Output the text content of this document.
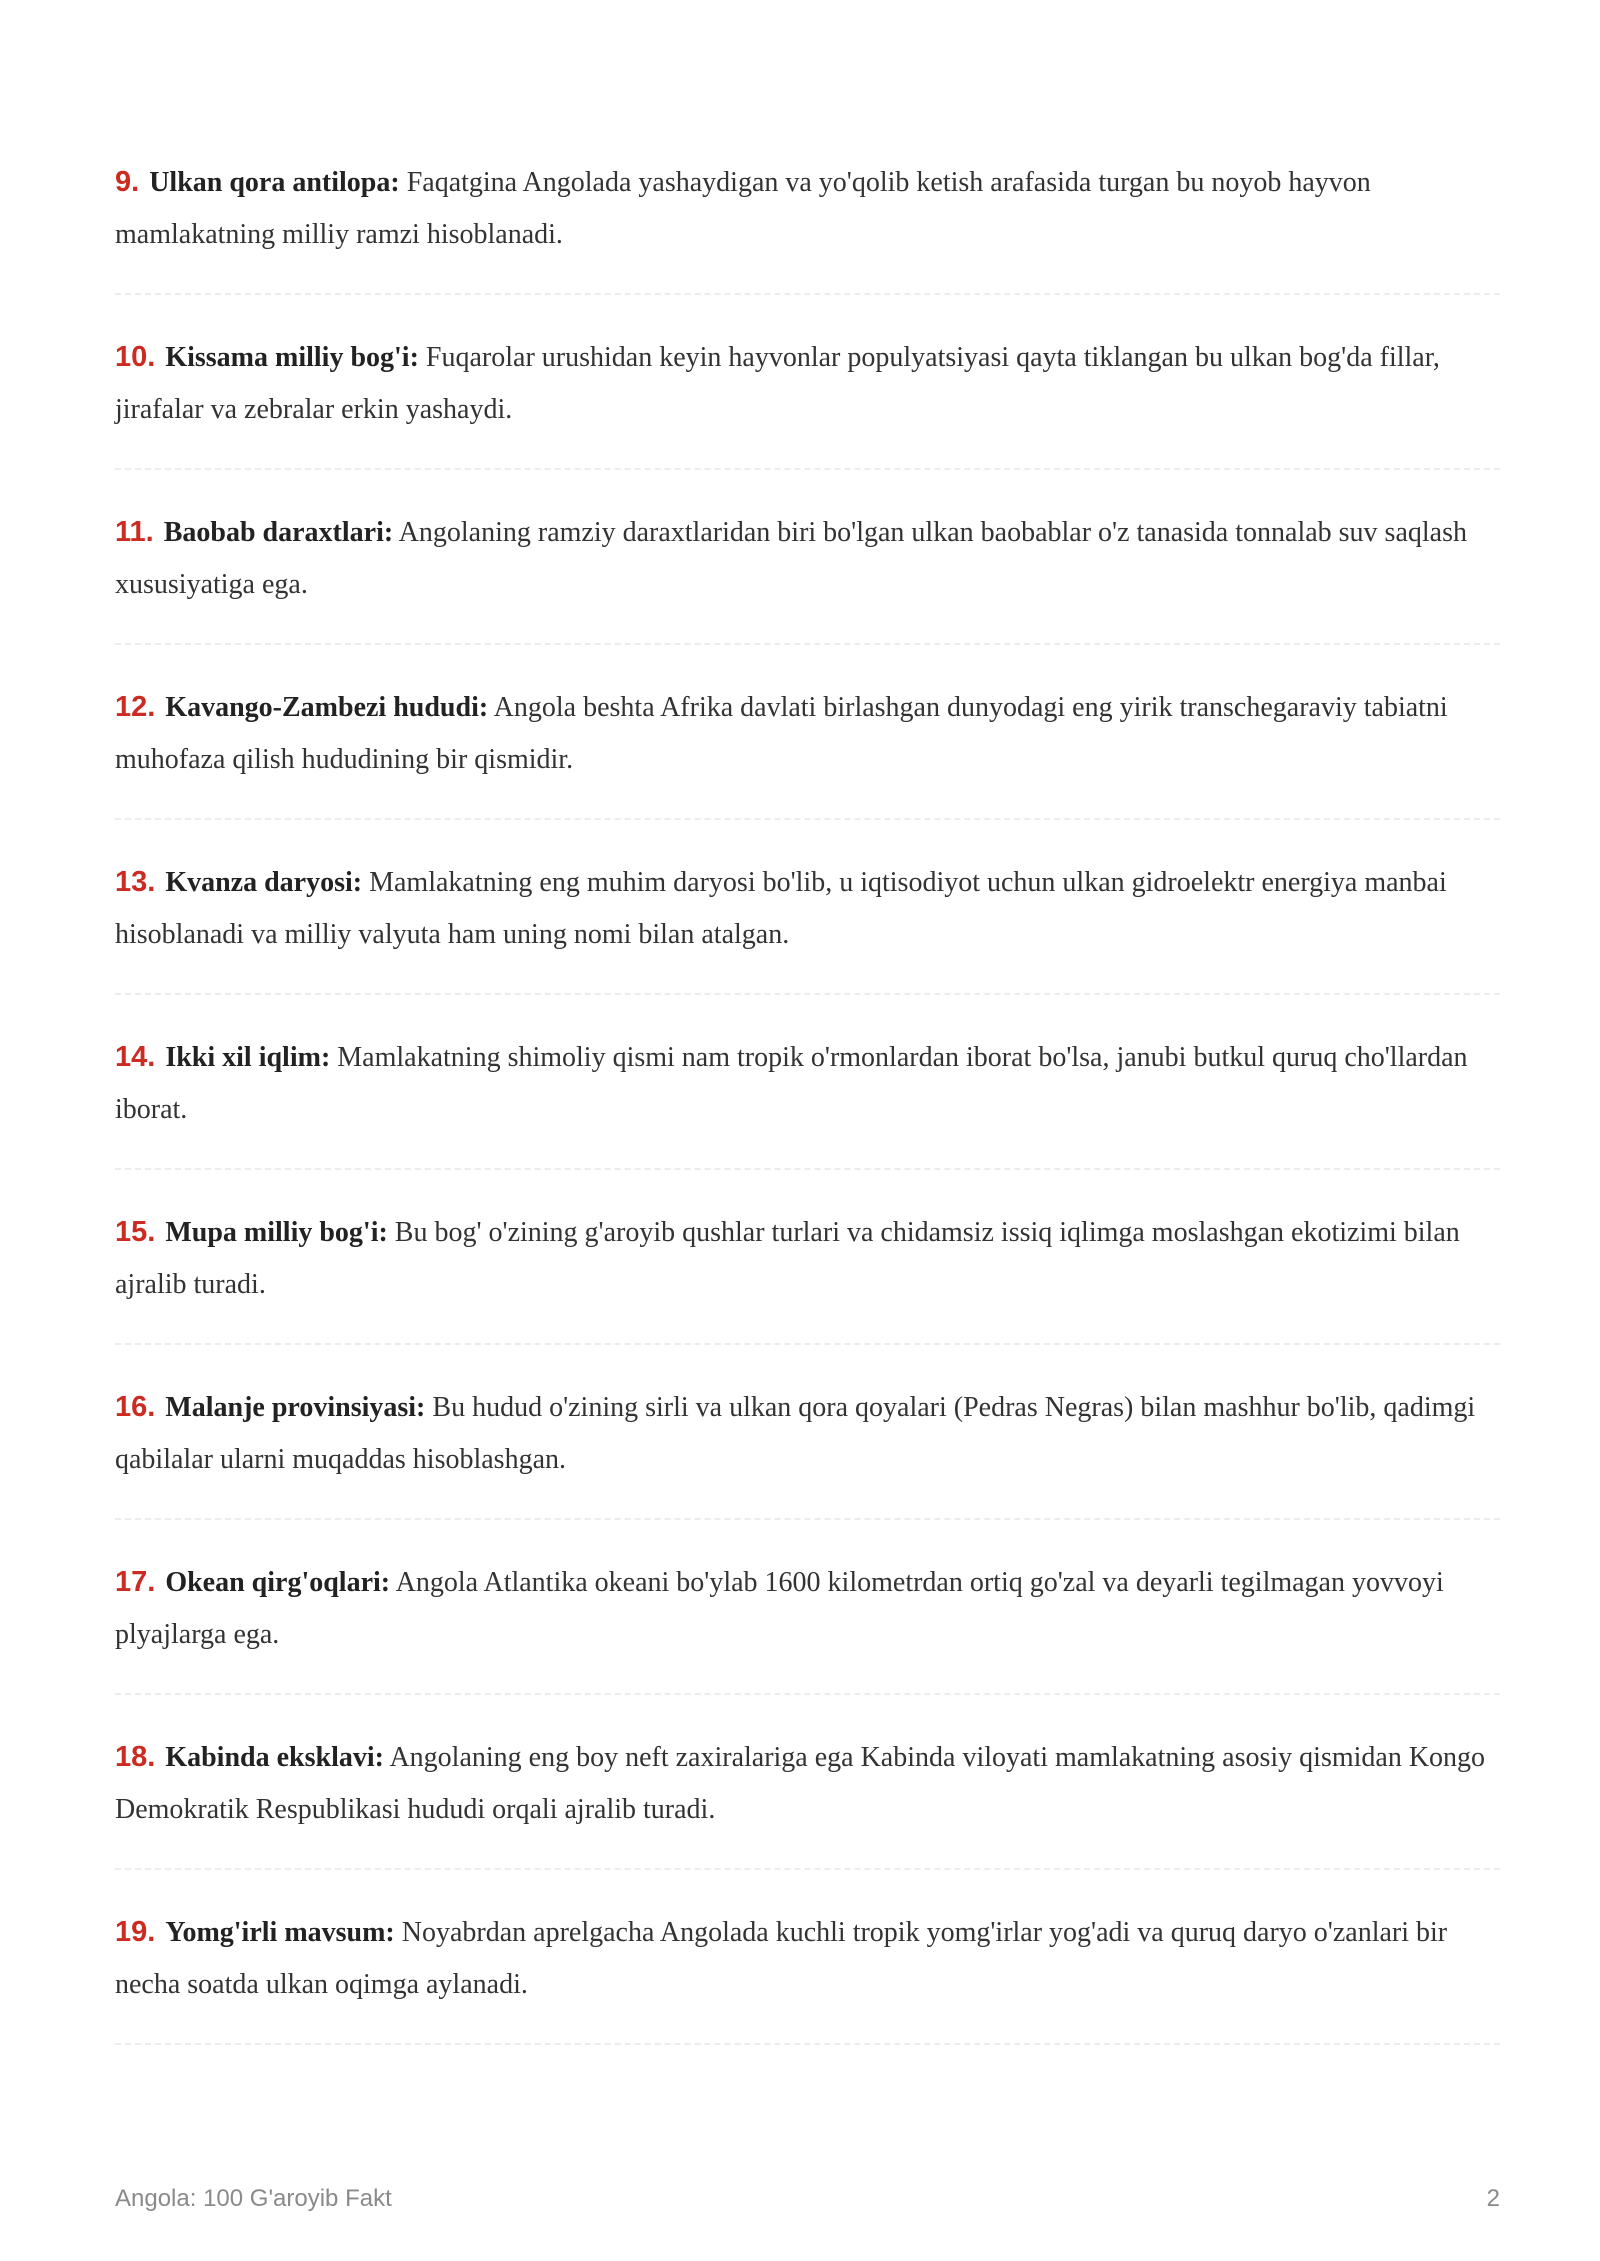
9. Ulkan qora antilopa: Faqatgina Angolada yashaydigan va yo'qolib ketish arafasida turgan bu noyob hayvon mamlakatning milliy ramzi hisoblanadi.
10. Kissama milliy bog'i: Fuqarolar urushidan keyin hayvonlar populyatsiyasi qayta tiklangan bu ulkan bog'da fillar, jirafalar va zebralar erkin yashaydi.
11. Baobab daraxtlari: Angolaning ramziy daraxtlaridan biri bo'lgan ulkan baobablar o'z tanasida tonnalab suv saqlash xususiyatiga ega.
12. Kavango-Zambezi hududi: Angola beshta Afrika davlati birlashgan dunyodagi eng yirik transchegaraviy tabiatni muhofaza qilish hududining bir qismidir.
13. Kvanza daryosi: Mamlakatning eng muhim daryosi bo'lib, u iqtisodiyot uchun ulkan gidroelektr energiya manbai hisoblanadi va milliy valyuta ham uning nomi bilan atalgan.
14. Ikki xil iqlim: Mamlakatning shimoliy qismi nam tropik o'rmonlardan iborat bo'lsa, janubi butkul quruq cho'llardan iborat.
15. Mupa milliy bog'i: Bu bog' o'zining g'aroyib qushlar turlari va chidamsiz issiq iqlimga moslashgan ekotizimi bilan ajralib turadi.
16. Malanje provinsiyasi: Bu hudud o'zining sirli va ulkan qora qoyalari (Pedras Negras) bilan mashhur bo'lib, qadimgi qabilalar ularni muqaddas hisoblashgan.
17. Okean qirg'oqlari: Angola Atlantika okeani bo'ylab 1600 kilometrdan ortiq go'zal va deyarli tegilmagan yovvoyi plyajlarga ega.
18. Kabinda eksklavi: Angolaning eng boy neft zaxiralariga ega Kabinda viloyati mamlakatning asosiy qismidan Kongo Demokratik Respublikasi hududi orqali ajralib turadi.
19. Yomg'irli mavsum: Noyabrdan aprelgacha Angolada kuchli tropik yomg'irlar yog'adi va quruq daryo o'zanlari bir necha soatda ulkan oqimga aylanadi.
Angola: 100 G'aroyib Fakt	2
